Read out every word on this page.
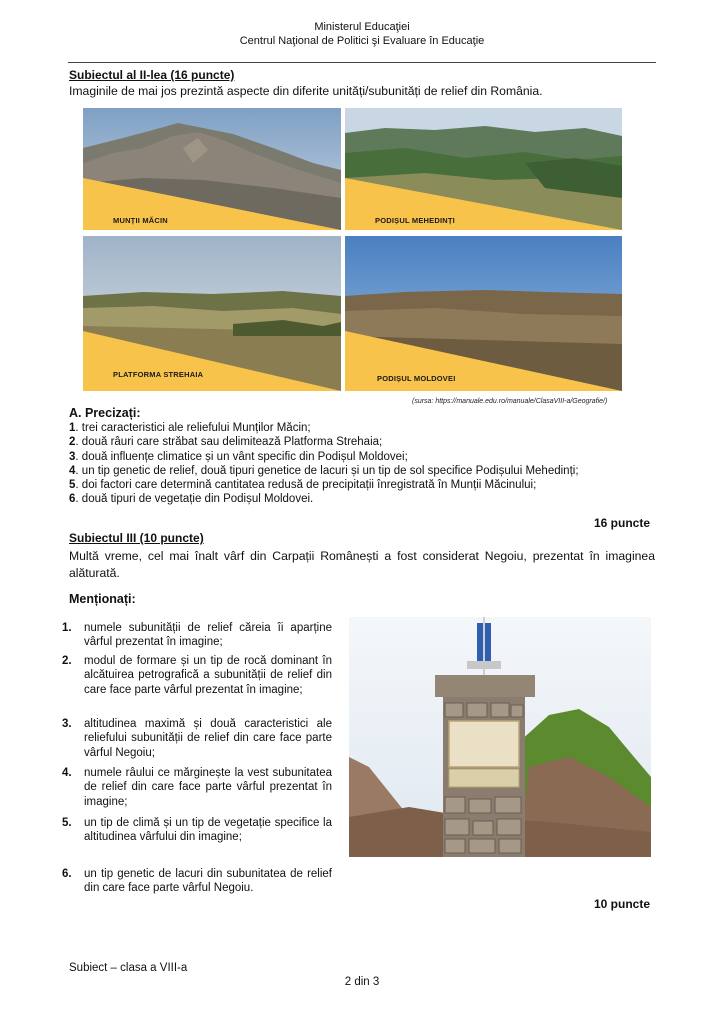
Ministerul Educaţiei
Centrul Naţional de Politici şi Evaluare în Educaţie
Subiectul al II-lea (16 puncte)
Imaginile de mai jos prezintă aspecte din diferite unități/subunități de relief din România.
MUNȚII MĂCIN	PODIȘUL MEHEDINȚI
PLATFORMA STREHAIA	PODIȘUL MOLDOVEI
(sursa: https://manuale.edu.ro/manuale/ClasaVIII-a/Geografie/)
A. Precizați:
1. trei caracteristici ale reliefului Munților Măcin;
2. două râuri care străbat sau delimitează Platforma Strehaia;
3. două influențe climatice și un vânt specific din Podișul Moldovei;
4. un tip genetic de relief, două tipuri genetice de lacuri și un tip de sol specifice Podișului Mehedinți;
5. doi factori care determină cantitatea redusă de precipitații înregistrată în Munții Măcinului;
6. două tipuri de vegetație din Podișul Moldovei.
16 puncte
Subiectul III (10 puncte)
Multă vreme, cel mai înalt vârf din Carpații Românești a fost considerat Negoiu, prezentat în imaginea alăturată.
Menționați:
1. numele subunității de relief căreia îi aparține vârful prezentat în imagine;
2. modul de formare și un tip de rocă dominant în alcătuirea petrografică a subunității de relief din care face parte vârful prezentat în imagine;
3. altitudinea maximă și două caracteristici ale reliefului subunității de relief din care face parte vârful Negoiu;
4. numele râului ce mărginește la vest subunitatea de relief din care face parte vârful prezentat în imagine;
5. un tip de climă și un tip de vegetație specifice la altitudinea vârfului din imagine;
6. un tip genetic de lacuri din subunitatea de relief din care face parte vârful Negoiu.
10 puncte
Subiect – clasa a VIII-a
2 din 3
